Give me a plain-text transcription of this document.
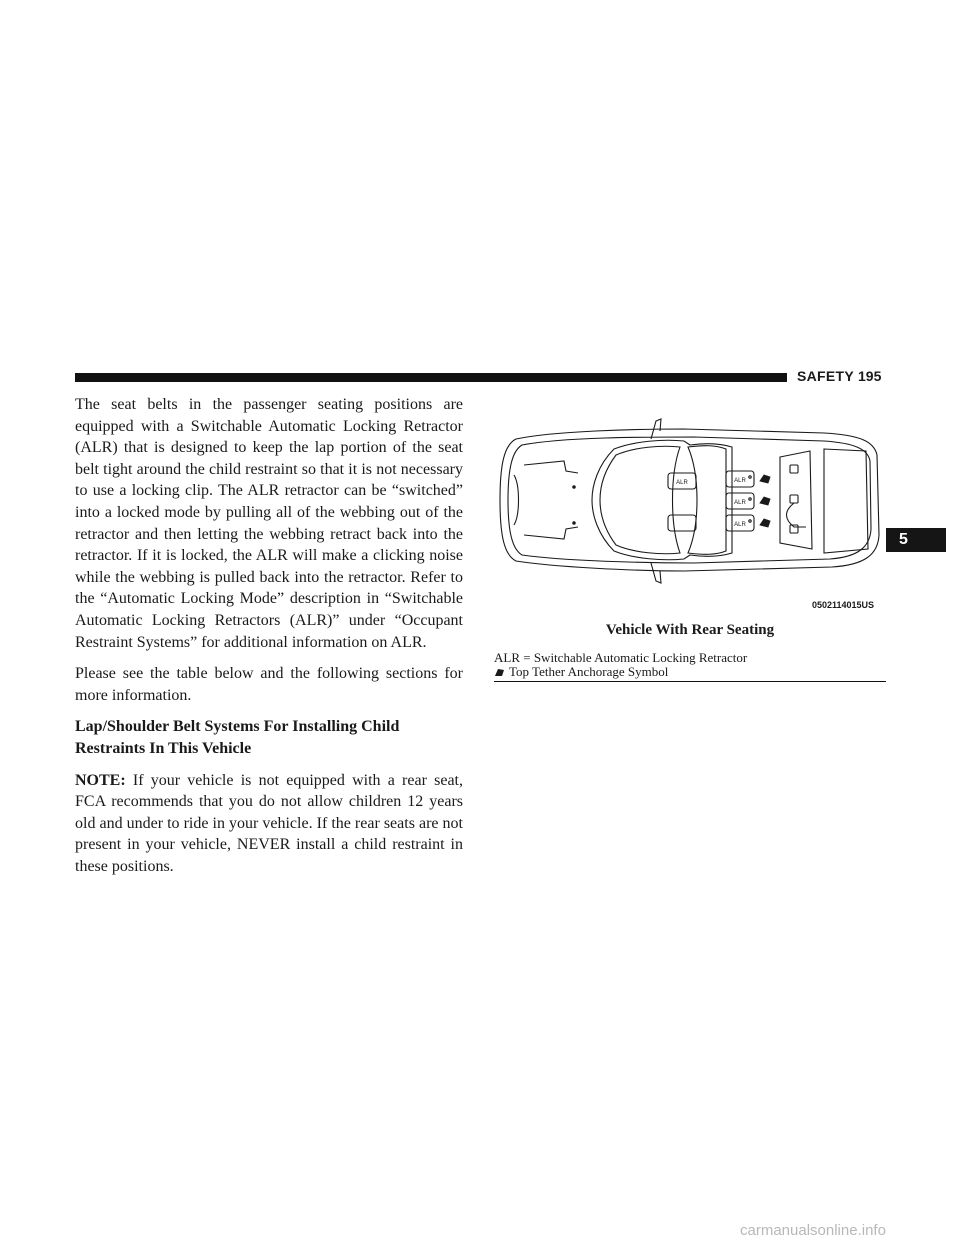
SAFETY 195

The seat belts in the passenger seating positions are equipped with a Switchable Automatic Locking Retractor (ALR) that is designed to keep the lap portion of the seat belt tight around the child restraint so that it is not necessary to use a locking clip. The ALR retractor can be “switched” into a locked mode by pulling all of the webbing out of the retractor and then letting the webbing retract back into the retractor. If it is locked, the ALR will make a clicking noise while the webbing is pulled back into the retractor. Refer to the “Automatic Locking Mode” description in “Switchable Automatic Locking Retractors (ALR)” under “Occupant Restraint Systems” for additional information on ALR.

Please see the table below and the following sections for more information.

Lap/Shoulder Belt Systems For Installing Child Restraints In This Vehicle

NOTE: If your vehicle is not equipped with a rear seat, FCA recommends that you do not allow children 12 years old and under to ride in your vehicle. If the rear seats are not present in your vehicle, NEVER install a child restraint in these positions.

ALR	ALR
ALR
ALR
0502114015US
Vehicle With Rear Seating
ALR = Switchable Automatic Locking Retractor
Top Tether Anchorage Symbol
5
carmanualsonline.info
